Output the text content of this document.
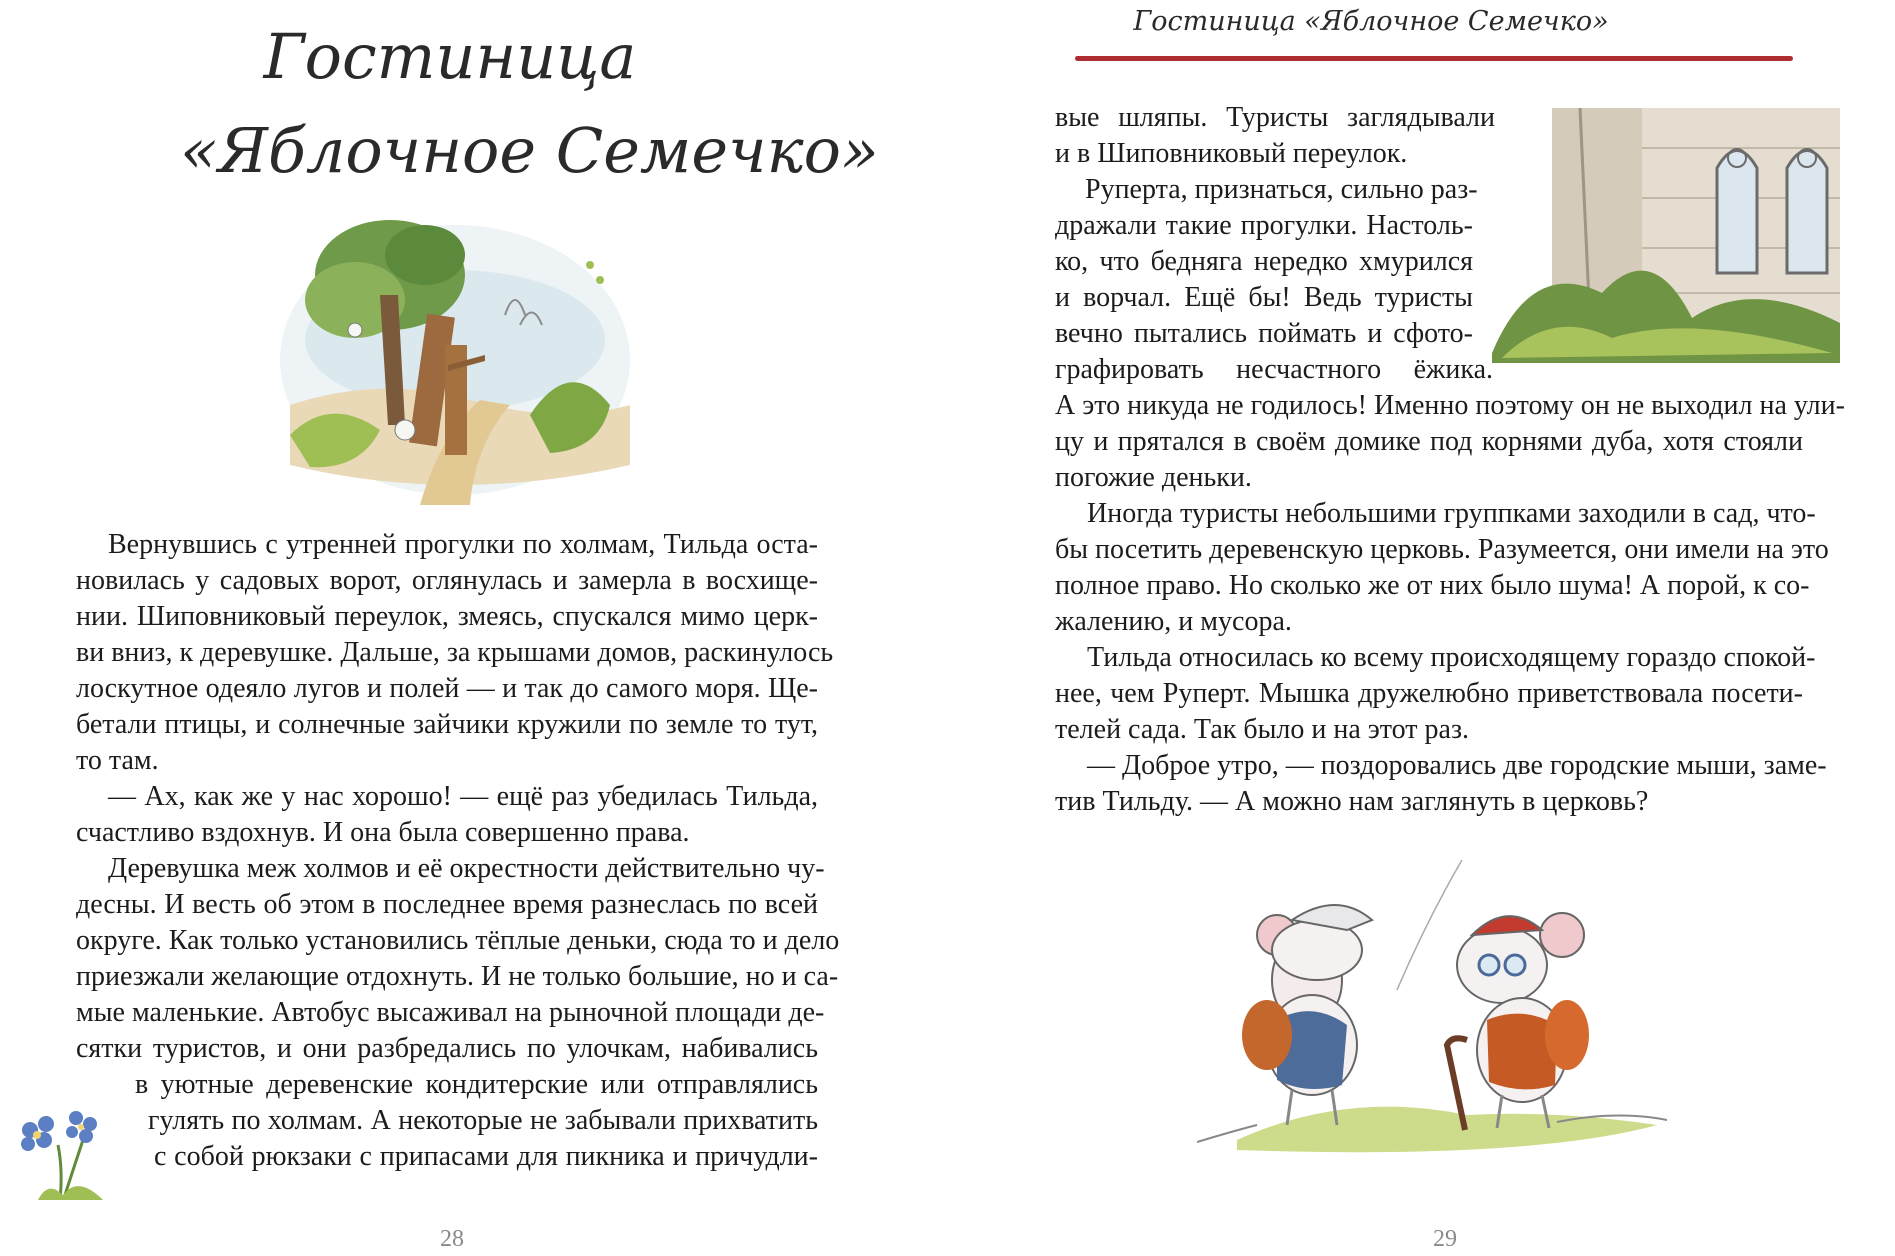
Гостиница
«Яблочное Семечко»
Вернувшись с утренней прогулки по холмам, Тильда оста-
новилась у садовых ворот, оглянулась и замерла в восхище-
нии. Шиповниковый переулок, змеясь, спускался мимо церк-
ви вниз, к деревушке. Дальше, за крышами домов, раскинулось
лоскутное одеяло лугов и полей — и так до самого моря. Ще-
бетали птицы, и солнечные зайчики кружили по земле то тут,
то там.
— Ах, как же у нас хорошо! — ещё раз убедилась Тильда,
счастливо вздохнув. И она была совершенно права.
Деревушка меж холмов и её окрестности действительно чу-
десны. И весть об этом в последнее время разнеслась по всей
округе. Как только установились тёплые деньки, сюда то и дело
приезжали желающие отдохнуть. И не только большие, но и са-
мые маленькие. Автобус высаживал на рыночной площади де-
сятки туристов, и они разбредались по улочкам, набивались
в уютные деревенские кондитерские или отправлялись
гулять по холмам. А некоторые не забывали прихватить
с собой рюкзаки с припасами для пикника и причудли-
28
Гостиница «Яблочное Семечко»
вые шляпы. Туристы заглядывали
и в Шиповниковый переулок.
Руперта, признаться, сильно раз-
дражали такие прогулки. Настоль-
ко, что бедняга нередко хмурился
и ворчал. Ещё бы! Ведь туристы
вечно пытались поймать и сфото-
графировать несчастного ёжика.
А это никуда не годилось! Именно поэтому он не выходил на ули-
цу и прятался в своём домике под корнями дуба, хотя стояли
погожие деньки.
Иногда туристы небольшими группками заходили в сад, что-
бы посетить деревенскую церковь. Разумеется, они имели на это
полное право. Но сколько же от них было шума! А порой, к со-
жалению, и мусора.
Тильда относилась ко всему происходящему гораздо спокой-
нее, чем Руперт. Мышка дружелюбно приветствовала посети-
телей сада. Так было и на этот раз.
— Доброе утро, — поздоровались две городские мыши, заме-
тив Тильду. — А можно нам заглянуть в церковь?
29
